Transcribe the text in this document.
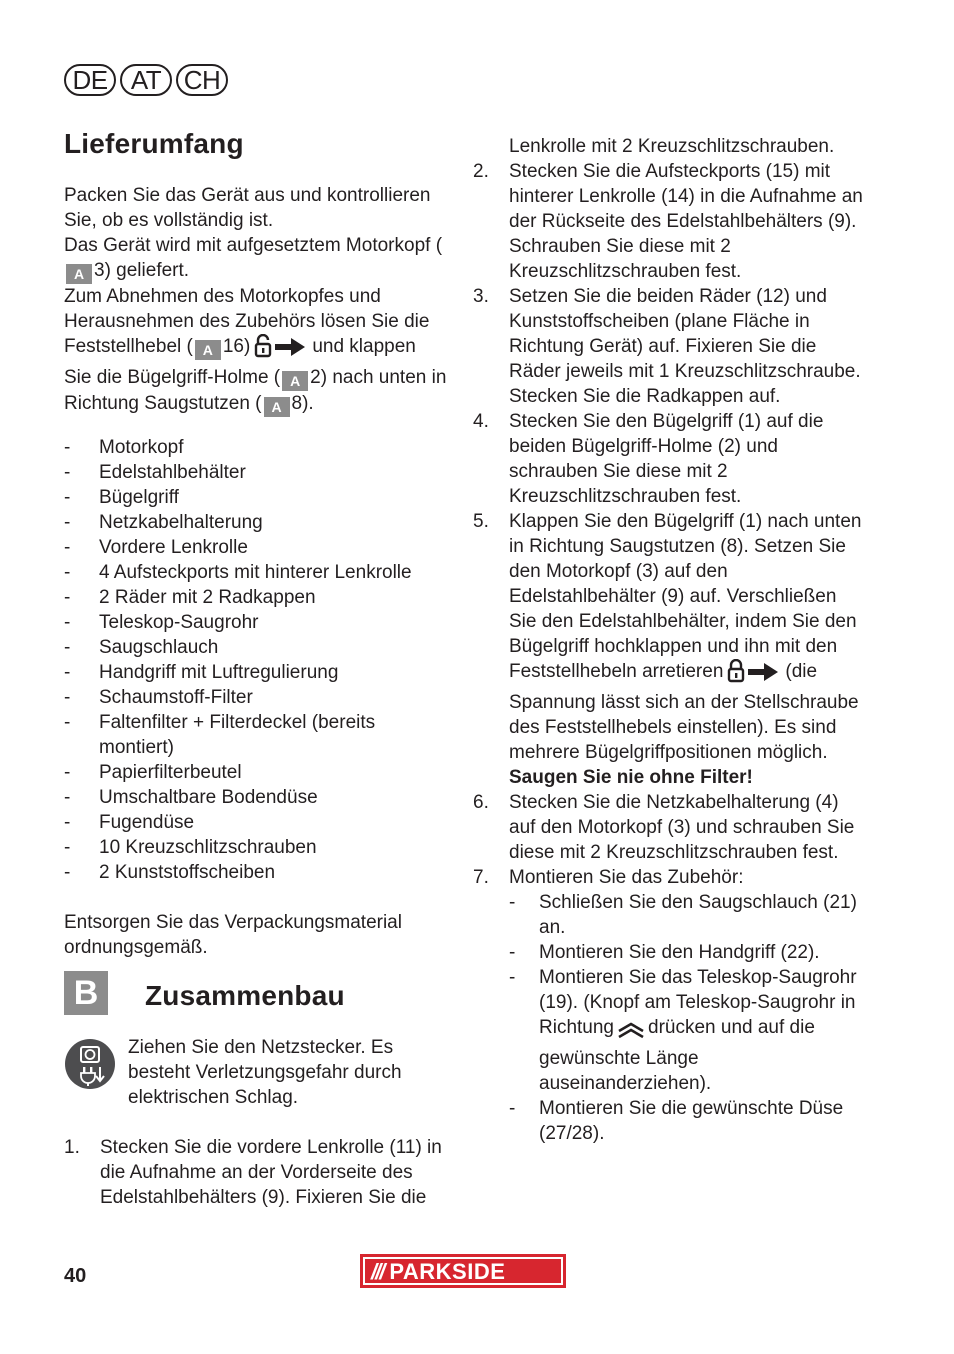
DE AT CH
Lieferumfang

Packen Sie das Gerät aus und kontrollieren Sie, ob es vollständig ist.

Das Gerät wird mit aufgesetztem Motorkopf (A 3) geliefert.

Zum Abnehmen des Motorkopfes und Herausnehmen des Zubehörs lösen Sie die Feststellhebel ( A 16)	und klappen Sie die Bügelgriff-Holme ( A 2) nach unten in Richtung Saugstutzen ( A 8).

- Motorkopf
- Edelstahlbehälter
- Bügelgriff
- Netzkabelhalterung
- Vordere Lenkrolle
- 4 Aufsteckports mit hinterer Lenkrolle
- 2 Räder mit 2 Radkappen
- Teleskop-Saugrohr
- Saugschlauch
- Handgriff mit Luftregulierung
- Schaumstoff-Filter
- Faltenfilter + Filterdeckel (bereits montiert)
- Papierfilterbeutel
- Umschaltbare Bodendüse
- Fugendüse
- 10 Kreuzschlitzschrauben
- 2 Kunststoffscheiben

Entsorgen Sie das Verpackungsmaterial ordnungsgemäß.

B	Zusammenbau

Ziehen Sie den Netzstecker. Es besteht Verletzungsgefahr durch elektrischen Schlag.

1. Stecken Sie die vordere Lenkrolle (11) in die Aufnahme an der Vorderseite des Edelstahlbehälters (9). Fixieren Sie die

Lenkrolle mit 2 Kreuzschlitzschrauben.

2. Stecken Sie die Aufsteckports (15) mit hinterer Lenkrolle (14) in die Aufnahme an der Rückseite des Edelstahlbehälters (9). Schrauben Sie diese mit 2 Kreuzschlitzschrauben fest.
3. Setzen Sie die beiden Räder (12) und Kunststoffscheiben (plane Fläche in Richtung Gerät) auf. Fixieren Sie die Räder jeweils mit 1 Kreuzschlitzschraube. Stecken Sie die Radkappen auf.
4. Stecken Sie den Bügelgriff (1) auf die beiden Bügelgriff-Holme (2) und schrauben Sie diese mit 2 Kreuzschlitzschrauben fest.
5. Klappen Sie den Bügelgriff (1) nach unten in Richtung Saugstutzen (8). Setzen Sie den Motorkopf (3) auf den Edelstahlbehälter (9) auf. Verschließen Sie den Edelstahlbehälter, indem Sie den Bügelgriff hochklappen und ihn mit den Feststellhebeln arretieren	(die Spannung lässt sich an der Stellschraube des Feststellhebels einstellen). Es sind mehrere Bügelgriffpositionen möglich.
Saugen Sie nie ohne Filter!
6. Stecken Sie die Netzkabelhalterung (4) auf den Motorkopf (3) und schrauben Sie diese mit 2 Kreuzschlitzschrauben fest.
7. Montieren Sie das Zubehör:
- Schließen Sie den Saugschlauch (21) an.
- Montieren Sie den Handgriff (22).
- Montieren Sie das Teleskop-Saugrohr (19). (Knopf am Teleskop-Saugrohr in Richtung drücken und auf die gewünschte Länge auseinanderziehen).
- Montieren Sie die gewünschte Düse (27/28).
40	/// PARKSIDE
